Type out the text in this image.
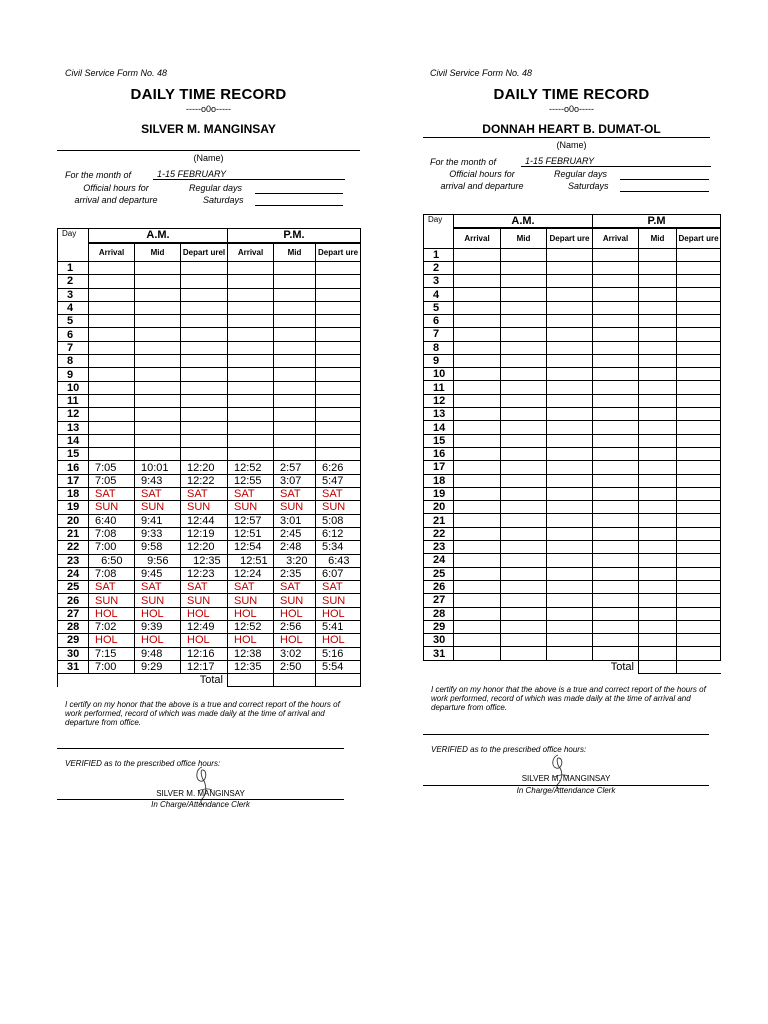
Civil Service Form No. 48
DAILY TIME RECORD
-----o0o-----
SILVER M. MANGINSAY
(Name)
For the month of	1-15 FEBRUARY
Official hours for
arrival and departure
Regular days
Saturdays
Day	A.M.			P.M.		
	Arrival	Mid	Depart urel	Arrival	Mid	Depart ure
1						
2						
3						
4						
5						
6						
7						
8						
9						
10						
11						
12						
13						
14						
15						
16	7:05	10:01	12:20	12:52	2:57	6:26
17	7:05	9:43	12:22	12:55	3:07	5:47
18	SAT	SAT	SAT	SAT	SAT	SAT
19	SUN	SUN	SUN	SUN	SUN	SUN
20	6:40	9:41	12:44	12:57	3:01	5:08
21	7:08	9:33	12:19	12:51	2:45	6:12
22	7:00	9:58	12:20	12:54	2:48	5:34
23	6:50	9:56	12:35	12:51	3:20	6:43
24	7:08	9:45	12:23	12:24	2:35	6:07
25	SAT	SAT	SAT	SAT	SAT	SAT
26	SUN	SUN	SUN	SUN	SUN	SUN
27	HOL	HOL	HOL	HOL	HOL	HOL
28	7:02	9:39	12:49	12:52	2:56	5:41
29	HOL	HOL	HOL	HOL	HOL	HOL
30	7:15	9:48	12:16	12:38	3:02	5:16
31	7:00	9:29	12:17	12:35	2:50	5:54
Total						
I certify on my honor that the above is a true and correct report of the hours of work performed, record of which was made daily at the time of arrival and departure from office.
VERIFIED as to the prescribed office hours:
SILVER M. MANGINSAY
In Charge/Attendance Clerk
Civil Service Form No. 48
DAILY TIME RECORD
-----o0o-----
DONNAH HEART B. DUMAT-OL
(Name)
For the month of	1-15 FEBRUARY
Official hours for
arrival and departure
Regular days
Saturdays
Day	A.M.			P.M		
	Arrival	Mid	Depart ure	Arrival	Mid	Depart ure
1						
2						
3						
4						
5						
6						
7						
8						
9						
10						
11						
12						
13						
14						
15						
16						
17						
18						
19						
20						
21						
22						
23						
24						
25						
26						
27						
28						
29						
30						
31						
Total						
I certify on my honor that the above is a true and correct report of the hours of work performed, record of which was made daily at the time of arrival and departure from office.
VERIFIED as to the prescribed office hours:
SILVER M. MANGINSAY
In Charge/Attendance Clerk
